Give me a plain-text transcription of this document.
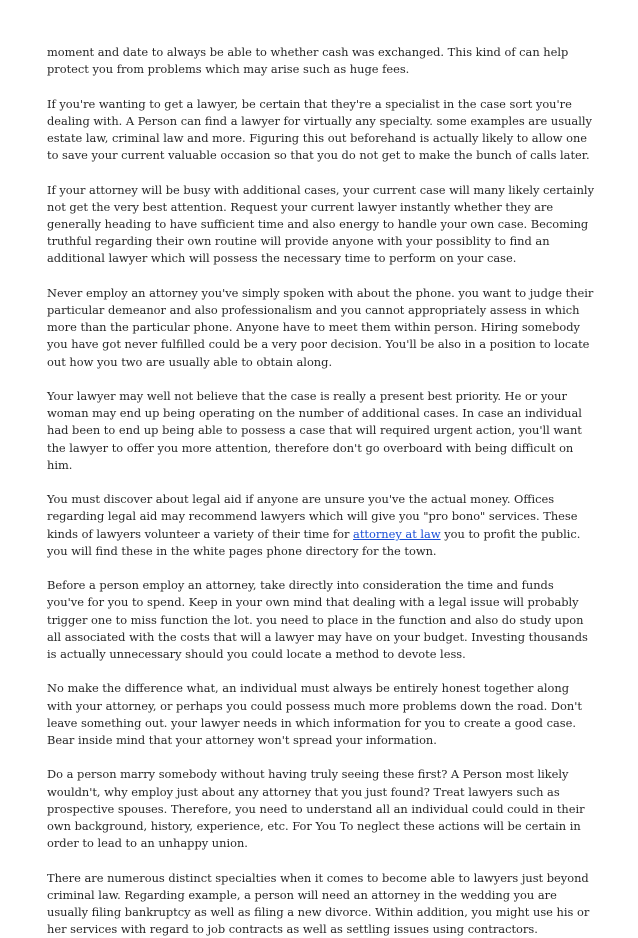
moment and date to always be able to whether cash was exchanged. This kind of can help protect you from problems which may arise such as huge fees.

If you're wanting to get a lawyer, be certain that they're a specialist in the case sort you're dealing with. A Person can find a lawyer for virtually any specialty. some examples are usually estate law, criminal law and more. Figuring this out beforehand is actually likely to allow one to save your current valuable occasion so that you do not get to make the bunch of calls later.

If your attorney will be busy with additional cases, your current case will many likely certainly not get the very best attention. Request your current lawyer instantly whether they are generally heading to have sufficient time and also energy to handle your own case. Becoming truthful regarding their own routine will provide anyone with your possiblity to find an additional lawyer which will possess the necessary time to perform on your case.

Never employ an attorney you've simply spoken with about the phone. you want to judge their particular demeanor and also professionalism and you cannot appropriately assess in which more than the particular phone. Anyone have to meet them within person. Hiring somebody you have got never fulfilled could be a very poor decision. You'll be also in a position to locate out how you two are usually able to obtain along.

Your lawyer may well not believe that the case is really a present best priority. He or your woman may end up being operating on the number of additional cases. In case an individual had been to end up being able to possess a case that will required urgent action, you'll want the lawyer to offer you more attention, therefore don't go overboard with being difficult on him.

You must discover about legal aid if anyone are unsure you've the actual money. Offices regarding legal aid may recommend lawyers which will give you "pro bono" services. These kinds of lawyers volunteer a variety of their time for attorney at law you to profit the public. you will find these in the white pages phone directory for the town.

Before a person employ an attorney, take directly into consideration the time and funds you've for you to spend. Keep in your own mind that dealing with a legal issue will probably trigger one to miss function the lot. you need to place in the function and also do study upon all associated with the costs that will a lawyer may have on your budget. Investing thousands is actually unnecessary should you could locate a method to devote less.

No make the difference what, an individual must always be entirely honest together along with your attorney, or perhaps you could possess much more problems down the road. Don't leave something out. your lawyer needs in which information for you to create a good case. Bear inside mind that your attorney won't spread your information.

Do a person marry somebody without having truly seeing these first? A Person most likely wouldn't, why employ just about any attorney that you just found? Treat lawyers such as prospective spouses. Therefore, you need to understand all an individual could could in their own background, history, experience, etc. For You To neglect these actions will be certain in order to lead to an unhappy union.

There are numerous distinct specialties when it comes to become able to lawyers just beyond criminal law. Regarding example, a person will need an attorney in the wedding you are usually filing bankruptcy as well as filing a new divorce. Within addition, you might use his or her services with regard to job contracts as well as settling issues using contractors.
